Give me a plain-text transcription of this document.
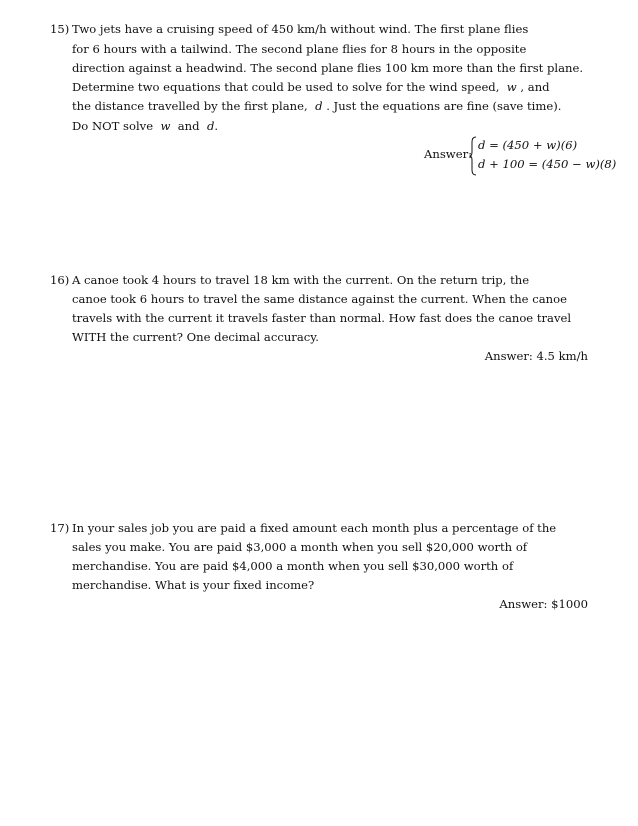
15) Two jets have a cruising speed of 450 km/h without wind. The first plane flies
for 6 hours with a tailwind. The second plane flies for 8 hours in the opposite
direction against a headwind. The second plane flies 100 km more than the first plane.
Determine two equations that could be used to solve for the wind speed, w , and
the distance travelled by the first plane, d . Just the equations are fine (save time).
Do NOT solve w and d.
Answer:
d = (450 + w)(6)
d + 100 = (450 − w)(8)
16) A canoe took 4 hours to travel 18 km with the current. On the return trip, the
canoe took 6 hours to travel the same distance against the current. When the canoe
travels with the current it travels faster than normal. How fast does the canoe travel
WITH the current? One decimal accuracy.
Answer: 4.5 km/h
17) In your sales job you are paid a fixed amount each month plus a percentage of the
sales you make. You are paid $3,000 a month when you sell $20,000 worth of
merchandise. You are paid $4,000 a month when you sell $30,000 worth of
merchandise. What is your fixed income?
Answer: $1000
